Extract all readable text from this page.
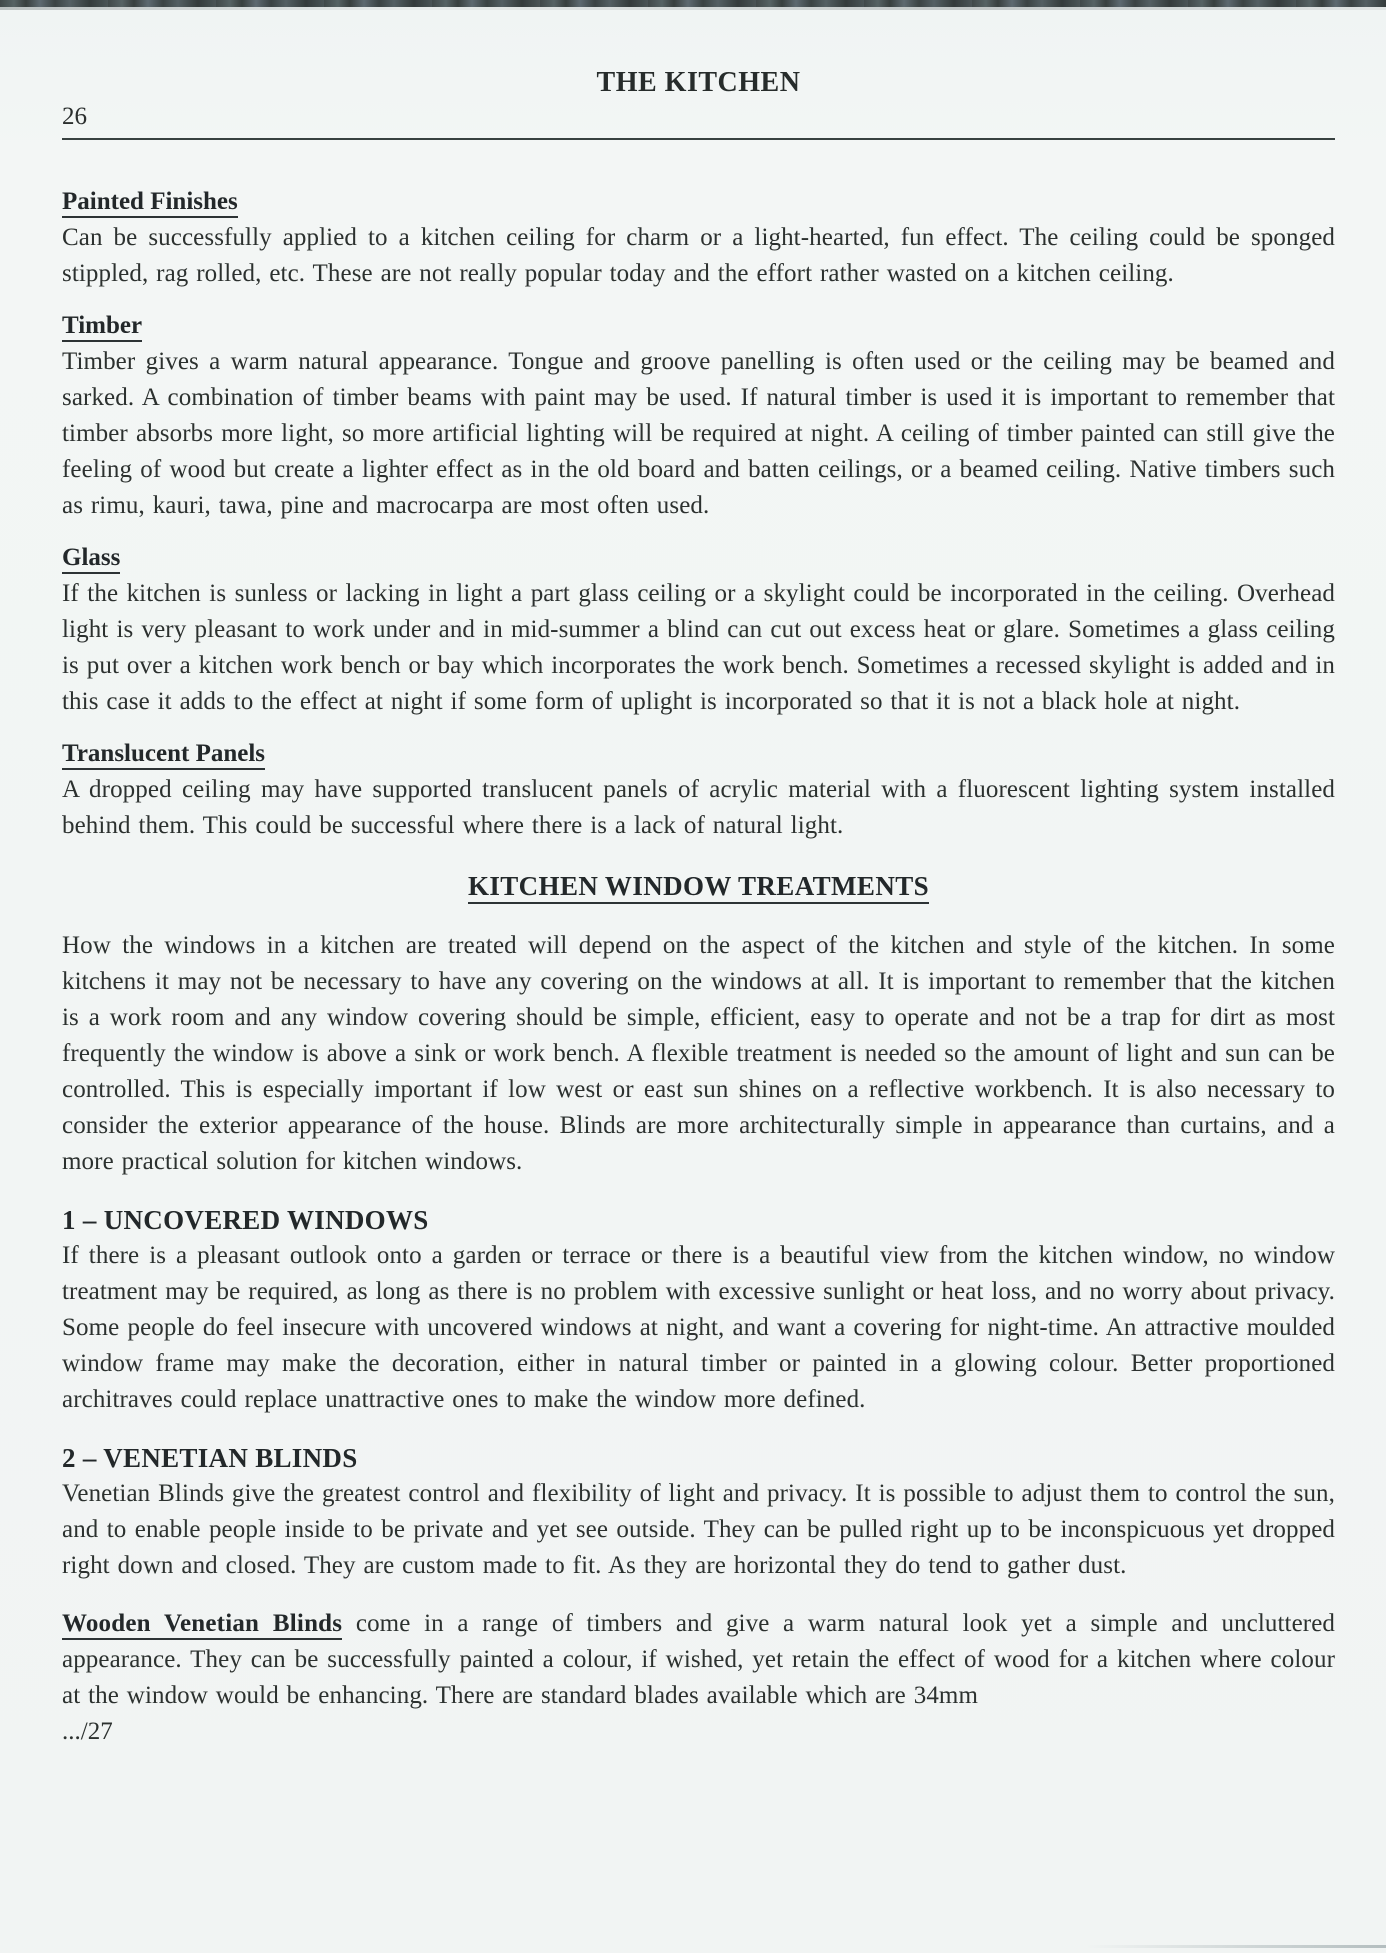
THE KITCHEN

26

Painted Finishes

Can be successfully applied to a kitchen ceiling for charm or a light-hearted, fun effect. The ceiling could be sponged stippled, rag rolled, etc. These are not really popular today and the effort rather wasted on a kitchen ceiling.

Timber

Timber gives a warm natural appearance. Tongue and groove panelling is often used or the ceiling may be beamed and sarked. A combination of timber beams with paint may be used. If natural timber is used it is important to remember that timber absorbs more light, so more artificial lighting will be required at night. A ceiling of timber painted can still give the feeling of wood but create a lighter effect as in the old board and batten ceilings, or a beamed ceiling. Native timbers such as rimu, kauri, tawa, pine and macrocarpa are most often used.

Glass

If the kitchen is sunless or lacking in light a part glass ceiling or a skylight could be incorporated in the ceiling. Overhead light is very pleasant to work under and in mid-summer a blind can cut out excess heat or glare. Sometimes a glass ceiling is put over a kitchen work bench or bay which incorporates the work bench. Sometimes a recessed skylight is added and in this case it adds to the effect at night if some form of uplight is incorporated so that it is not a black hole at night.

Translucent Panels

A dropped ceiling may have supported translucent panels of acrylic material with a fluorescent lighting system installed behind them. This could be successful where there is a lack of natural light.

KITCHEN WINDOW TREATMENTS

How the windows in a kitchen are treated will depend on the aspect of the kitchen and style of the kitchen. In some kitchens it may not be necessary to have any covering on the windows at all. It is important to remember that the kitchen is a work room and any window covering should be simple, efficient, easy to operate and not be a trap for dirt as most frequently the window is above a sink or work bench. A flexible treatment is needed so the amount of light and sun can be controlled. This is especially important if low west or east sun shines on a reflective workbench. It is also necessary to consider the exterior appearance of the house. Blinds are more architecturally simple in appearance than curtains, and a more practical solution for kitchen windows.

1 – UNCOVERED WINDOWS

If there is a pleasant outlook onto a garden or terrace or there is a beautiful view from the kitchen window, no window treatment may be required, as long as there is no problem with excessive sunlight or heat loss, and no worry about privacy. Some people do feel insecure with uncovered windows at night, and want a covering for night-time. An attractive moulded window frame may make the decoration, either in natural timber or painted in a glowing colour. Better proportioned architraves could replace unattractive ones to make the window more defined.

2 – VENETIAN BLINDS

Venetian Blinds give the greatest control and flexibility of light and privacy. It is possible to adjust them to control the sun, and to enable people inside to be private and yet see outside. They can be pulled right up to be inconspicuous yet dropped right down and closed. They are custom made to fit. As they are horizontal they do tend to gather dust.

Wooden Venetian Blinds come in a range of timbers and give a warm natural look yet a simple and uncluttered appearance. They can be successfully painted a colour, if wished, yet retain the effect of wood for a kitchen where colour at the window would be enhancing. There are standard blades available which are 34mm

.../27
